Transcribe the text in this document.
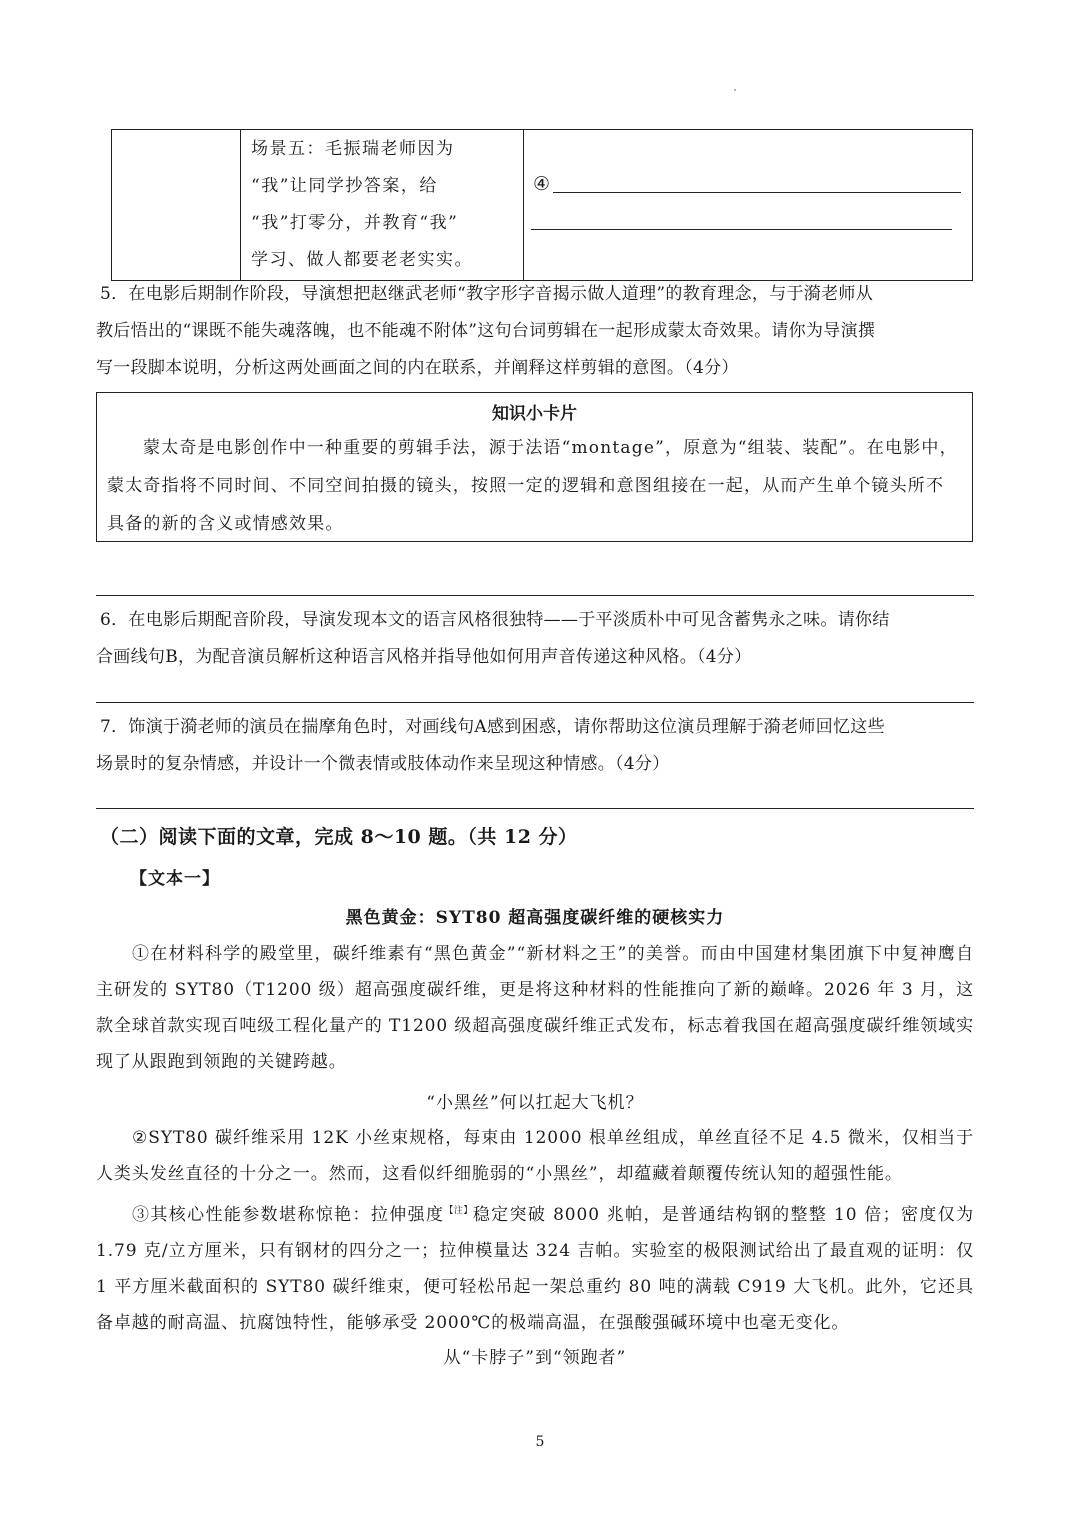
场景五：毛振瑞老师因为
“我”让同学抄答案，给
“我”打零分，并教育“我”
学习、做人都要老老实实。
④
5．在电影后期制作阶段，导演想把赵继武老师“教字形字音揭示做人道理”的教育理念，与于漪老师从
教后悟出的“课既不能失魂落魄，也不能魂不附体”这句台词剪辑在一起形成蒙太奇效果。请你为导演撰
写一段脚本说明，分析这两处画面之间的内在联系，并阐释这样剪辑的意图。（4分）
知识小卡片
蒙太奇是电影创作中一种重要的剪辑手法，源于法语“montage”，原意为“组装、装配”。在电影中，蒙太奇指将不同时间、不同空间拍摄的镜头，按照一定的逻辑和意图组接在一起，从而产生单个镜头所不具备的新的含义或情感效果。
6．在电影后期配音阶段，导演发现本文的语言风格很独特——于平淡质朴中可见含蓄隽永之味。请你结
合画线句B，为配音演员解析这种语言风格并指导他如何用声音传递这种风格。（4分）
7．饰演于漪老师的演员在揣摩角色时，对画线句A感到困惑，请你帮助这位演员理解于漪老师回忆这些
场景时的复杂情感，并设计一个微表情或肢体动作来呈现这种情感。（4分）
（二）阅读下面的文章，完成 8～10 题。（共 12 分）
【文本一】
黑色黄金：SYT80 超高强度碳纤维的硬核实力
①在材料科学的殿堂里，碳纤维素有“黑色黄金”“新材料之王”的美誉。而由中国建材集团旗下中复神鹰自主研发的 SYT80（T1200 级）超高强度碳纤维，更是将这种材料的性能推向了新的巅峰。2026 年 3 月，这款全球首款实现百吨级工程化量产的 T1200 级超高强度碳纤维正式发布，标志着我国在超高强度碳纤维领域实现了从跟跑到领跑的关键跨越。
“小黑丝”何以扛起大飞机？
②SYT80 碳纤维采用 12K 小丝束规格，每束由 12000 根单丝组成，单丝直径不足 4.5 微米，仅相当于人类头发丝直径的十分之一。然而，这看似纤细脆弱的“小黑丝”，却蕴藏着颠覆传统认知的超强性能。
③其核心性能参数堪称惊艳：拉伸强度$^{【注】}$稳定突破 8000 兆帕，是普通结构钢的整整 10 倍；密度仅为 1.79 克/立方厘米，只有钢材的四分之一；拉伸模量达 324 吉帕。实验室的极限测试给出了最直观的证明：仅 1 平方厘米截面积的 SYT80 碳纤维束，便可轻松吊起一架总重约 80 吨的满载 C919 大飞机。此外，它还具备卓越的耐高温、抗腐蚀特性，能够承受 2000℃的极端高温，在强酸强碱环境中也毫无变化。
从“卡脖子”到“领跑者”
5
